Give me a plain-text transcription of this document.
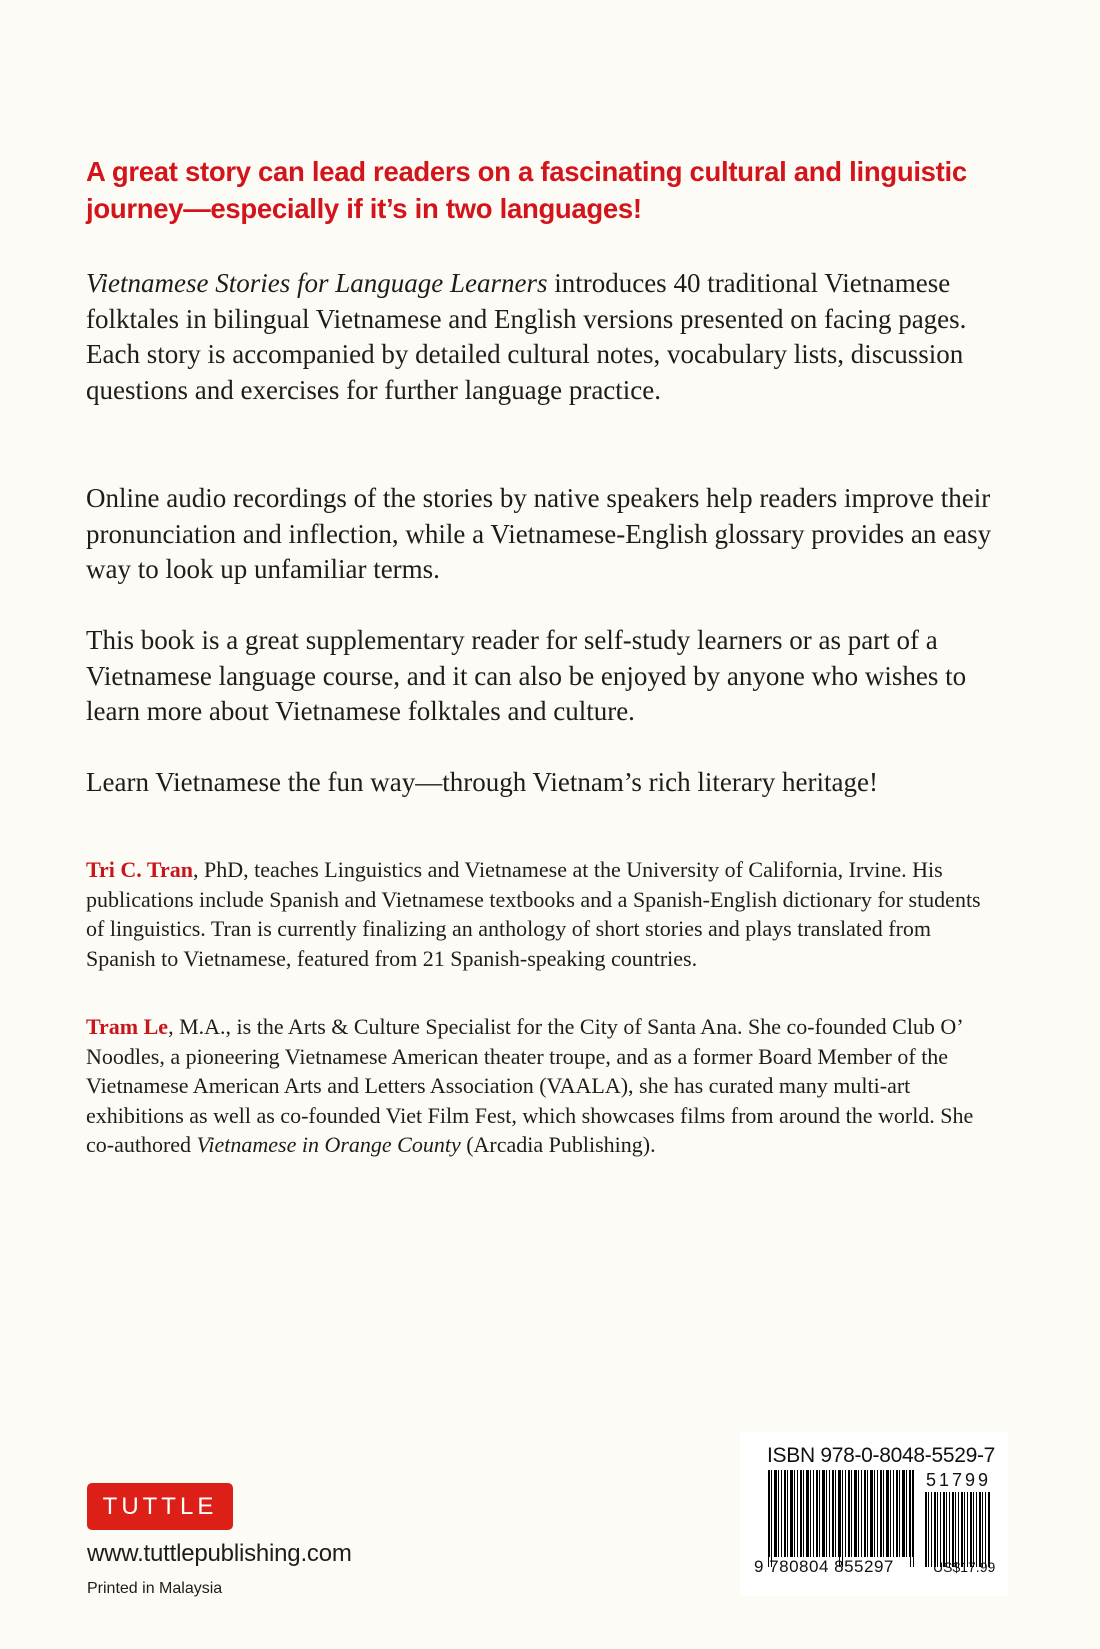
A great story can lead readers on a fascinating cultural and linguistic
journey—especially if it’s in two languages!

Vietnamese Stories for Language Learners introduces 40 traditional Vietnamese folktales in bilingual Vietnamese and English versions presented on facing pages. Each story is accompanied by detailed cultural notes, vocabulary lists, discussion questions and exercises for further language practice.

Online audio recordings of the stories by native speakers help readers improve their pronunciation and inflection, while a Vietnamese-English glossary provides an easy way to look up unfamiliar terms.

This book is a great supplementary reader for self-study learners or as part of a Vietnamese language course, and it can also be enjoyed by anyone who wishes to learn more about Vietnamese folktales and culture.

Learn Vietnamese the fun way—through Vietnam’s rich literary heritage!

Tri C. Tran, PhD, teaches Linguistics and Vietnamese at the University of California, Irvine. His publications include Spanish and Vietnamese textbooks and a Spanish-English dictionary for students of linguistics. Tran is currently finalizing an anthology of short stories and plays translated from Spanish to Vietnamese, featured from 21 Spanish-speaking countries.

Tram Le, M.A., is the Arts & Culture Specialist for the City of Santa Ana. She co-founded Club O’ Noodles, a pioneering Vietnamese American theater troupe, and as a former Board Member of the Vietnamese American Arts and Letters Association (VAALA), she has curated many multi-art exhibitions as well as co-founded Viet Film Fest, which showcases films from around the world. She co-authored Vietnamese in Orange County (Arcadia Publishing).

TUTTLE
www.tuttlepublishing.com
Printed in Malaysia
ISBN 978-0-8048-5529-7
51799
9 780804 855297	US$17.99
